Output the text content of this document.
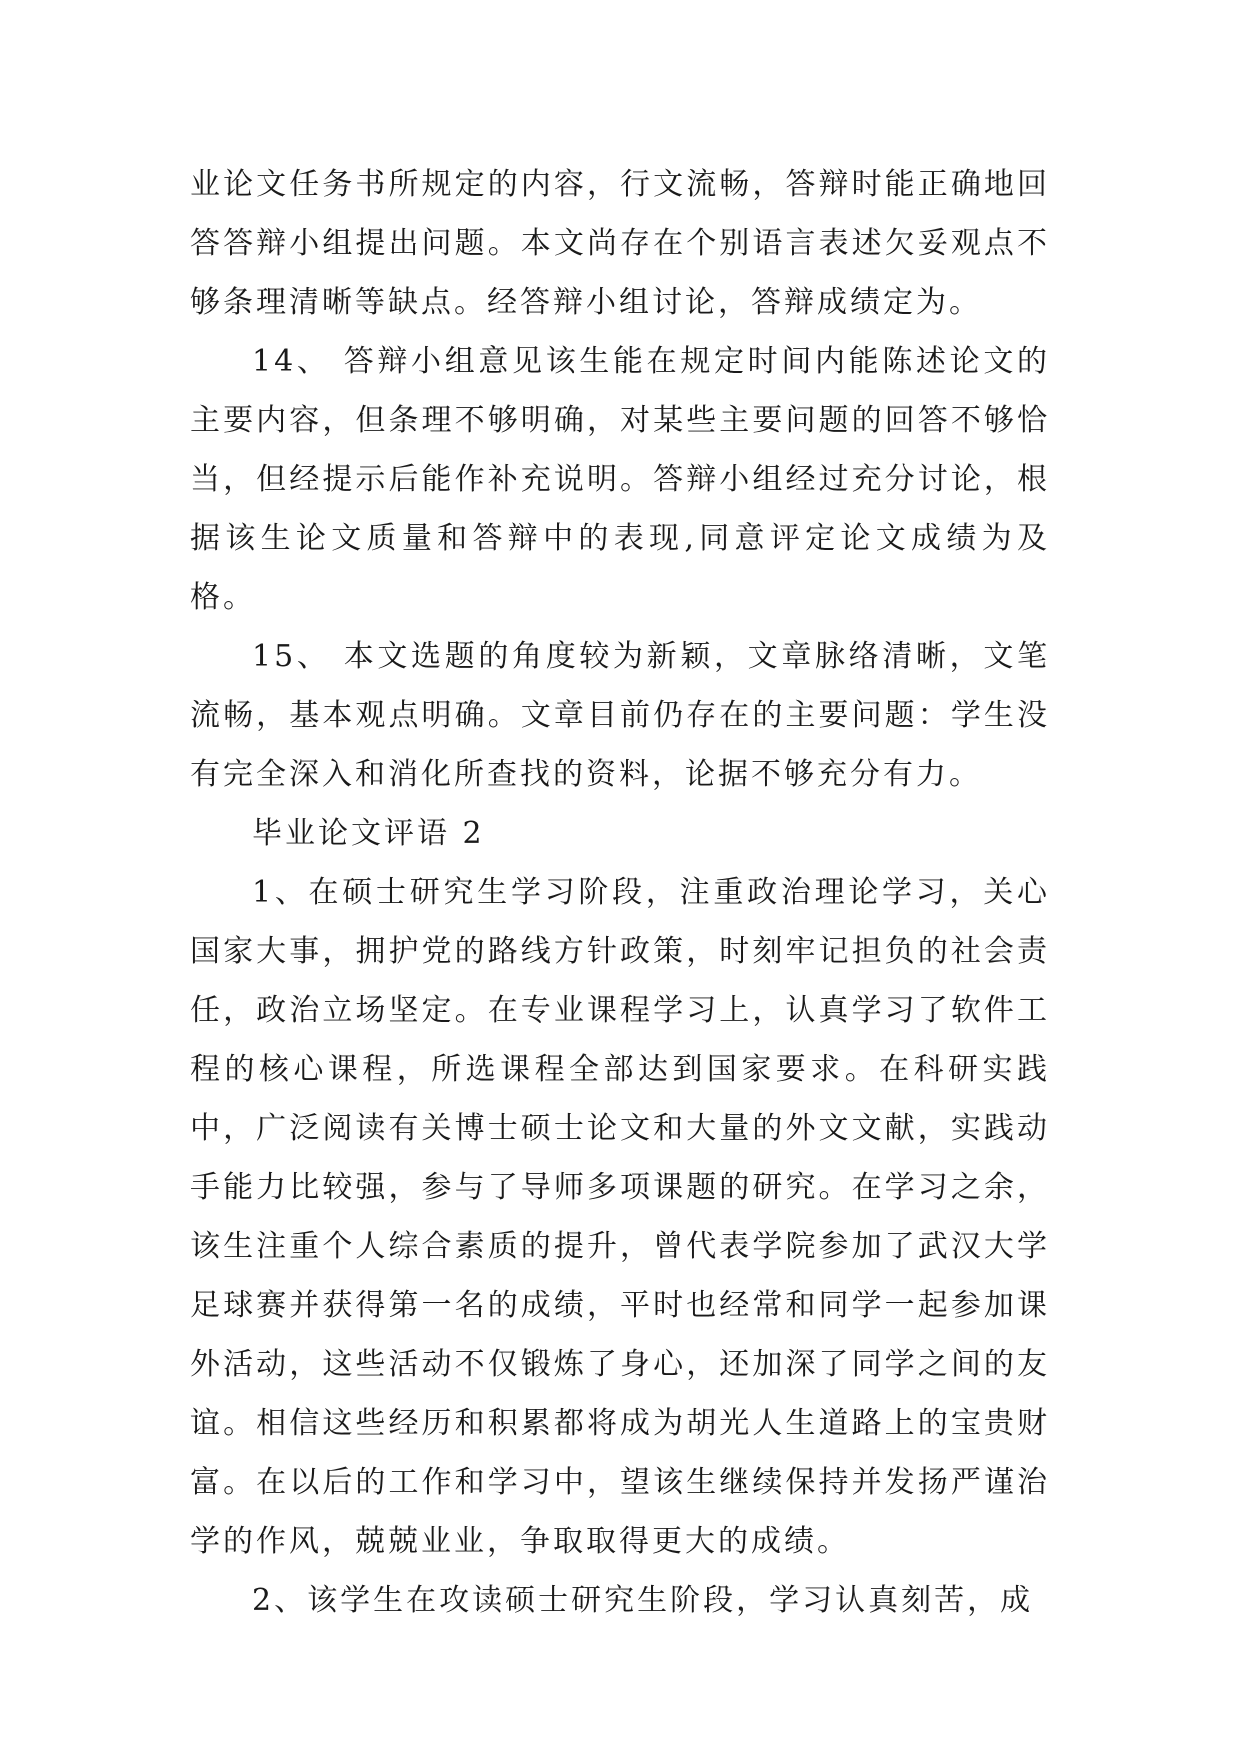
业论文任务书所规定的内容，行文流畅，答辩时能正确地回答答辩小组提出问题。本文尚存在个别语言表述欠妥观点不够条理清晰等缺点。经答辩小组讨论，答辩成绩定为。

14、 答辩小组意见该生能在规定时间内能陈述论文的主要内容，但条理不够明确，对某些主要问题的回答不够恰当，但经提示后能作补充说明。答辩小组经过充分讨论，根据该生论文质量和答辩中的表现,同意评定论文成绩为及格。

15、 本文选题的角度较为新颖，文章脉络清晰，文笔流畅，基本观点明确。文章目前仍存在的主要问题：学生没有完全深入和消化所查找的资料，论据不够充分有力。

毕业论文评语 2

1、在硕士研究生学习阶段，注重政治理论学习，关心国家大事，拥护党的路线方针政策，时刻牢记担负的社会责任，政治立场坚定。在专业课程学习上，认真学习了软件工程的核心课程，所选课程全部达到国家要求。在科研实践中，广泛阅读有关博士硕士论文和大量的外文文献，实践动手能力比较强，参与了导师多项课题的研究。在学习之余，该生注重个人综合素质的提升，曾代表学院参加了武汉大学足球赛并获得第一名的成绩，平时也经常和同学一起参加课外活动，这些活动不仅锻炼了身心，还加深了同学之间的友谊。相信这些经历和积累都将成为胡光人生道路上的宝贵财富。在以后的工作和学习中，望该生继续保持并发扬严谨治学的作风，兢兢业业，争取取得更大的成绩。

2、该学生在攻读硕士研究生阶段，学习认真刻苦，成
